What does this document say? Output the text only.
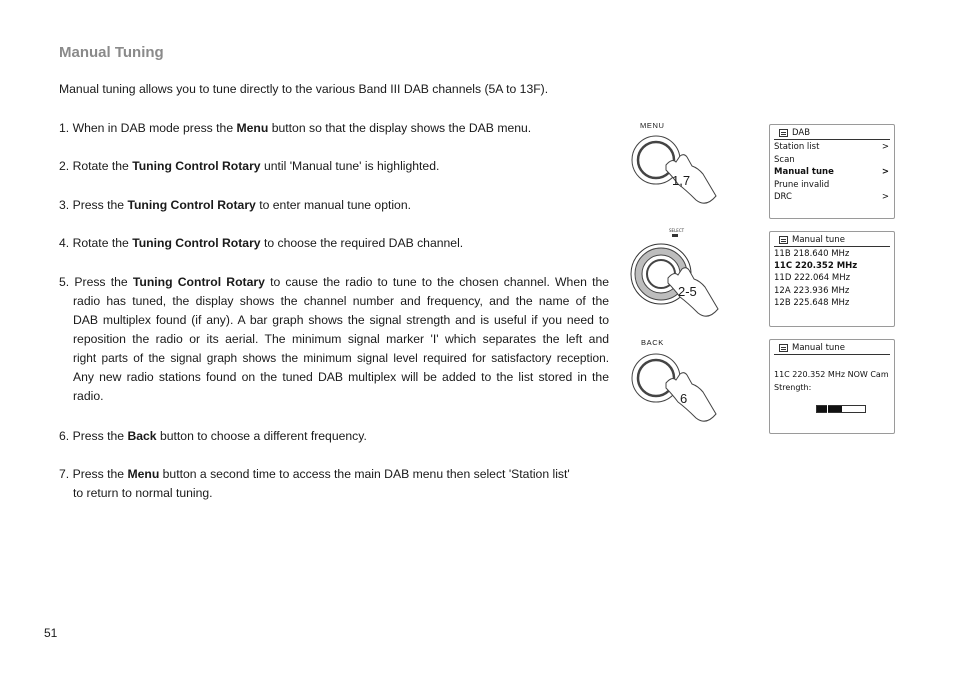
Manual Tuning

Manual tuning allows you to tune directly to the various Band III DAB channels (5A to 13F).

1. When in DAB mode press the Menu button so that the display shows the DAB menu.
2. Rotate the Tuning Control Rotary until 'Manual tune' is highlighted.
3. Press the Tuning Control Rotary to enter manual tune option.
4. Rotate the Tuning Control Rotary to choose the required DAB channel.
5. Press the Tuning Control Rotary to cause the radio to tune to the chosen channel. When the
radio has tuned, the display shows the channel number and frequency, and the name of the
DAB multiplex found (if any). A bar graph shows the signal strength and is useful if you need to
reposition the radio or its aerial. The minimum signal marker 'I' which separates the left and
right parts of the signal graph shows the minimum signal level required for satisfactory reception.
Any new radio stations found on the tuned DAB multiplex will be added to the list stored in the
radio.
6. Press the Back button to choose a different frequency.
7. Press the Menu button a second time to access the main DAB menu then select 'Station list'
to return to normal tuning.
51
MENU
1,7
SELECT
2-5
BACK
6
DAB
Station list	>
Scan
Manual tune	>
Prune invalid
DRC	>
Manual tune
11B 218.640 MHz
11C 220.352 MHz
11D 222.064 MHz
12A 223.936 MHz
12B 225.648 MHz
Manual tune
11C 220.352 MHz NOW Cam
Strength:
